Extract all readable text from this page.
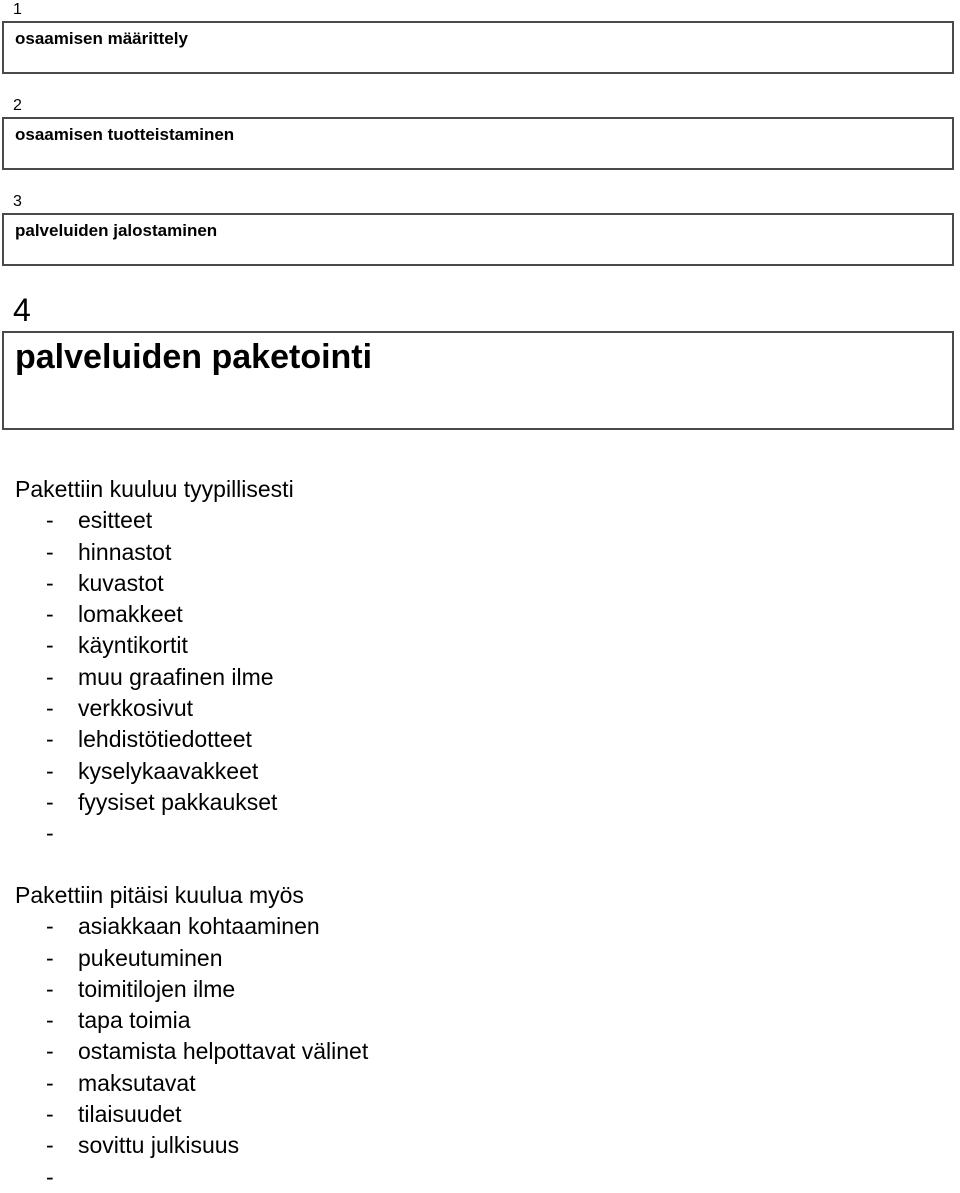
1
osaamisen määrittely
2
osaamisen tuotteistaminen
3
palveluiden jalostaminen
4
palveluiden paketointi
Pakettiin kuuluu tyypillisesti
- esitteet
- hinnastot
- kuvastot
- lomakkeet
- käyntikortit
- muu graafinen ilme
- verkkosivut
- lehdistötiedotteet
- kyselykaavakkeet
- fyysiset pakkaukset
-
Pakettiin pitäisi kuulua myös
- asiakkaan kohtaaminen
- pukeutuminen
- toimitilojen ilme
- tapa toimia
- ostamista helpottavat välinet
- maksutavat
- tilaisuudet
- sovittu julkisuus
-
